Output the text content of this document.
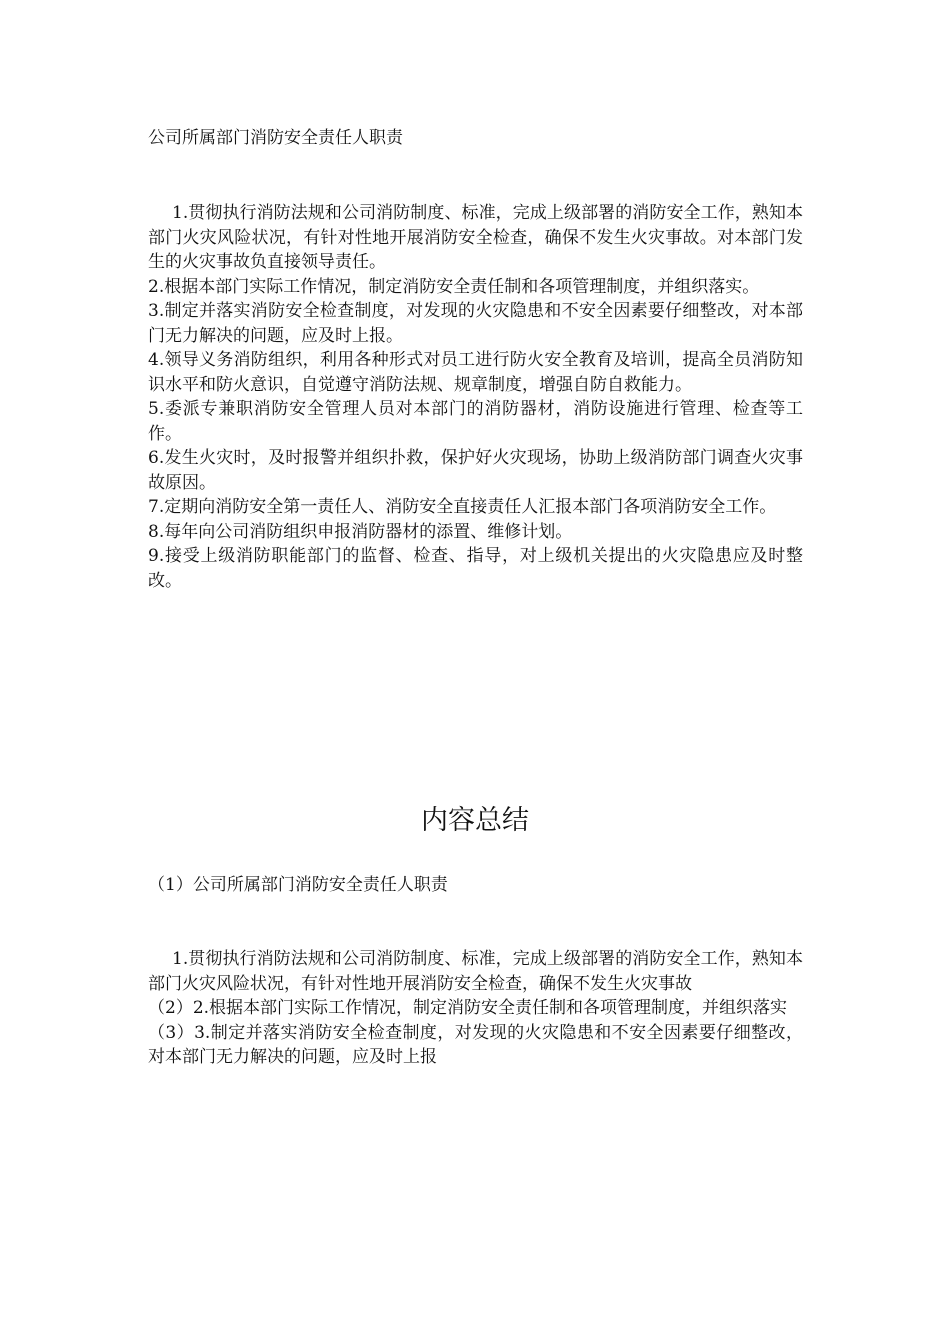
公司所属部门消防安全责任人职责

1.贯彻执行消防法规和公司消防制度、标准，完成上级部署的消防安全工作，熟知本部门火灾风险状况，有针对性地开展消防安全检查，确保不发生火灾事故。对本部门发生的火灾事故负直接领导责任。

2.根据本部门实际工作情况，制定消防安全责任制和各项管理制度，并组织落实。

3.制定并落实消防安全检查制度，对发现的火灾隐患和不安全因素要仔细整改，对本部门无力解决的问题，应及时上报。

4.领导义务消防组织，利用各种形式对员工进行防火安全教育及培训，提高全员消防知识水平和防火意识，自觉遵守消防法规、规章制度，增强自防自救能力。

5.委派专兼职消防安全管理人员对本部门的消防器材，消防设施进行管理、检查等工作。

6.发生火灾时，及时报警并组织扑救，保护好火灾现场，协助上级消防部门调查火灾事故原因。

7.定期向消防安全第一责任人、消防安全直接责任人汇报本部门各项消防安全工作。

8.每年向公司消防组织申报消防器材的添置、维修计划。

9.接受上级消防职能部门的监督、检查、指导，对上级机关提出的火灾隐患应及时整改。

内容总结

（1）公司所属部门消防安全责任人职责

1.贯彻执行消防法规和公司消防制度、标准，完成上级部署的消防安全工作，熟知本部门火灾风险状况，有针对性地开展消防安全检查，确保不发生火灾事故

（2）2.根据本部门实际工作情况，制定消防安全责任制和各项管理制度，并组织落实

（3）3.制定并落实消防安全检查制度，对发现的火灾隐患和不安全因素要仔细整改，对本部门无力解决的问题，应及时上报
